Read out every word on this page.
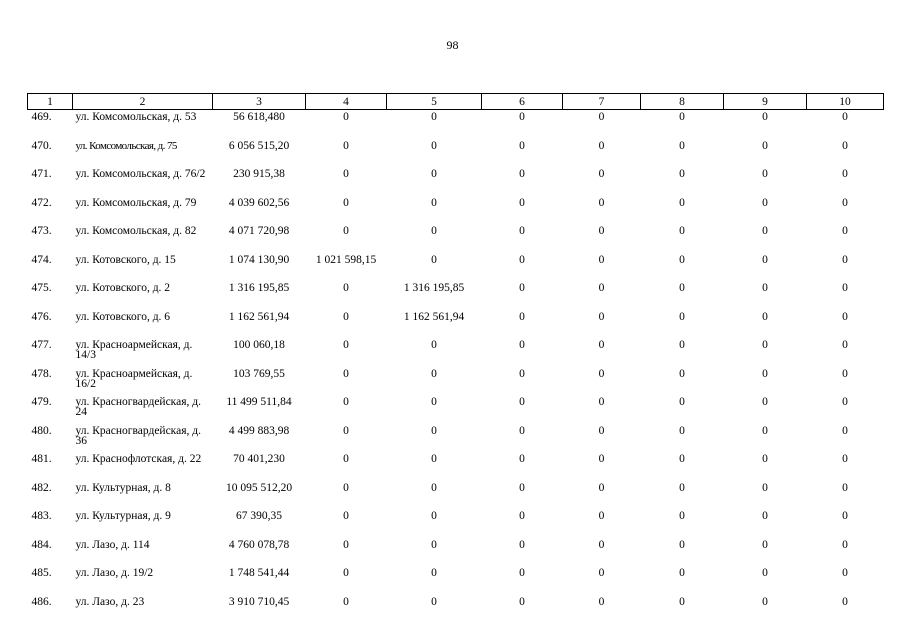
98
1	2	3	4	5	6	7	8	9	10
469.	ул. Комсомольская, д. 53	56 618,480	0	0	0	0	0	0	0
470.	ул. Комсомольская, д. 75	6 056 515,20	0	0	0	0	0	0	0
471.	ул. Комсомольская, д. 76/2	230 915,38	0	0	0	0	0	0	0
472.	ул. Комсомольская, д. 79	4 039 602,56	0	0	0	0	0	0	0
473.	ул. Комсомольская, д. 82	4 071 720,98	0	0	0	0	0	0	0
474.	ул. Котовского, д. 15	1 074 130,90	1 021 598,15	0	0	0	0	0	0
475.	ул. Котовского, д. 2	1 316 195,85	0	1 316 195,85	0	0	0	0	0
476.	ул. Котовского, д. 6	1 162 561,94	0	1 162 561,94	0	0	0	0	0
477.	ул. Красноармейская, д. 14/3	100 060,18	0	0	0	0	0	0	0
478.	ул. Красноармейская, д. 16/2	103 769,55	0	0	0	0	0	0	0
479.	ул. Красногвардейская, д. 24	11 499 511,84	0	0	0	0	0	0	0
480.	ул. Красногвардейская, д. 36	4 499 883,98	0	0	0	0	0	0	0
481.	ул. Краснофлотская, д. 22	70 401,230	0	0	0	0	0	0	0
482.	ул. Культурная, д. 8	10 095 512,20	0	0	0	0	0	0	0
483.	ул. Культурная, д. 9	67 390,35	0	0	0	0	0	0	0
484.	ул. Лазо, д. 114	4 760 078,78	0	0	0	0	0	0	0
485.	ул. Лазо, д. 19/2	1 748 541,44	0	0	0	0	0	0	0
486.	ул. Лазо, д. 23	3 910 710,45	0	0	0	0	0	0	0
